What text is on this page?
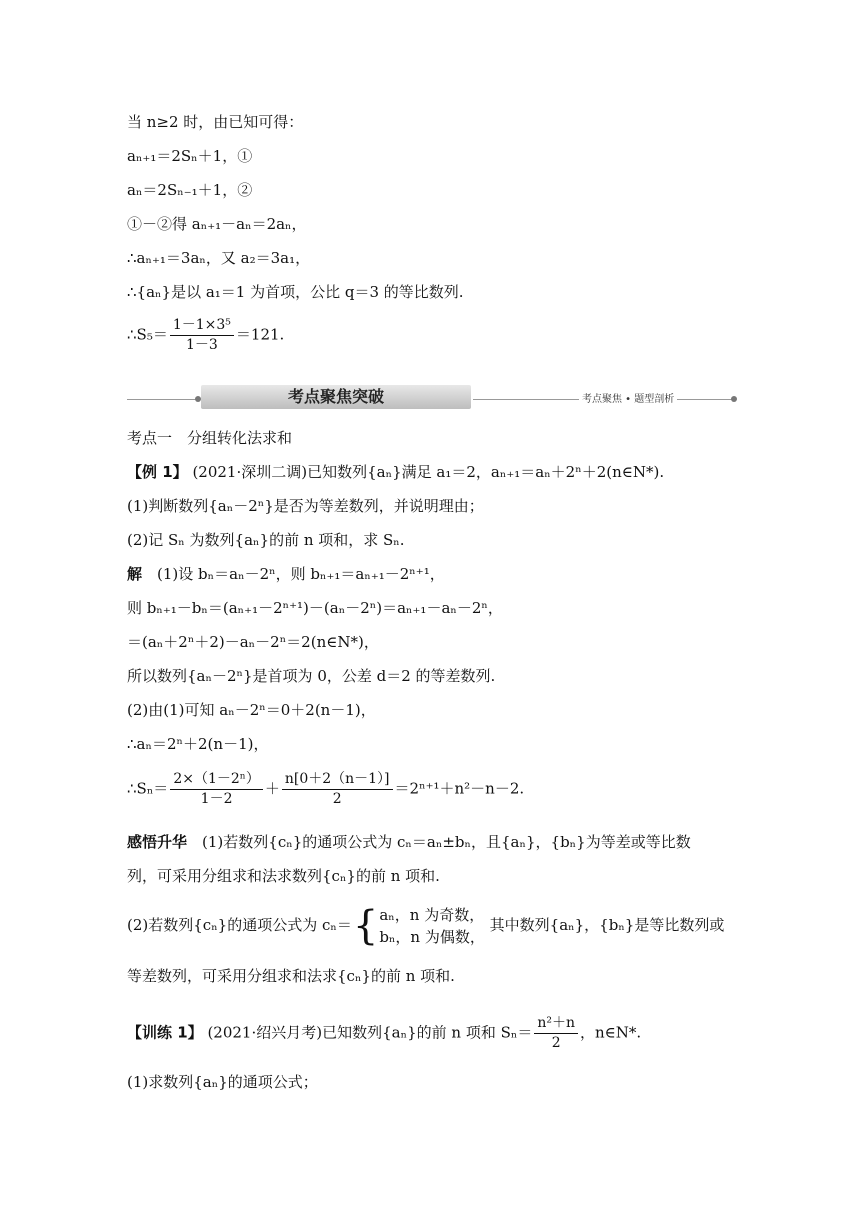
当 n≥2 时，由已知可得：
aₙ₊₁＝2Sₙ＋1，①
aₙ＝2Sₙ₋₁＋1，②
①－②得 aₙ₊₁－aₙ＝2aₙ，
∴aₙ₊₁＝3aₙ，又 a₂＝3a₁，
∴{aₙ}是以 a₁＝1 为首项，公比 q＝3 的等比数列.
∴S₅＝ $\frac{\text{1－1×3⁵}}{1-3} =121$.
考点聚焦突破	考点聚焦 • 题型剖析
考点一　分组转化法求和
【例 1】 (2021·深圳二调)已知数列{aₙ}满足 a₁＝2，aₙ₊₁＝aₙ＋2ⁿ＋2(n∈N*).
(1)判断数列{aₙ－2ⁿ}是否为等差数列，并说明理由；
(2)记 Sₙ 为数列{aₙ}的前 n 项和，求 Sₙ.
解　 (1)设 bₙ＝aₙ－2ⁿ，则 bₙ₊₁＝aₙ₊₁－2ⁿ⁺¹，
则 bₙ₊₁－bₙ＝(aₙ₊₁－2ⁿ⁺¹)－(aₙ－2ⁿ)＝aₙ₊₁－aₙ－2ⁿ，
＝(aₙ＋2ⁿ＋2)－aₙ－2ⁿ＝2(n∈N*)，
所以数列{aₙ－2ⁿ}是首项为 0，公差 d＝2 的等差数列.
(2)由(1)可知 aₙ－2ⁿ＝0＋2(n－1)，
∴aₙ＝2ⁿ＋2(n－1)，
∴Sₙ＝ $\frac{\text{2×（1－2ⁿ）}}{1-2} + \frac{n[0+2(n-1)]}{2} =2^{n+1}+n^2-n-2$.
感悟升华　 (1)若数列{cₙ}的通项公式为 cₙ＝aₙ±bₙ，且{aₙ}，{bₙ}为等差或等比数
列，可采用分组求和法求数列{cₙ}的前 n 项和.
(2)若数列{cₙ}的通项公式为 cₙ＝{ aₙ，n 为奇数，
bₙ，n 为偶数，
其中数列{aₙ}，{bₙ}是等比数列或
等差数列，可采用分组求和法求{cₙ}的前 n 项和.
【训练 1】 (2021·绍兴月考)已知数列{aₙ}的前 n 项和 $S_n= \frac{\text{n²＋n}}{2}$ ，n∈N*.
(1)求数列{aₙ}的通项公式；
